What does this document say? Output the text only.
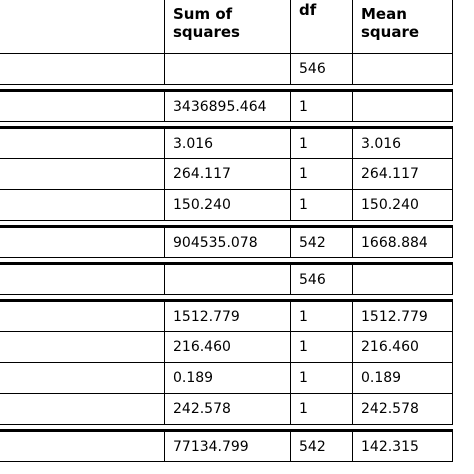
	Sum of squares	df	Mean square
		546	

	3436895.464	1	

	3.016	1	3.016
	264.117	1	264.117
	150.240	1	150.240

	904535.078	542	1668.884

		546	

	1512.779	1	1512.779
	216.460	1	216.460
	0.189	1	0.189
	242.578	1	242.578

	77134.799	542	142.315
